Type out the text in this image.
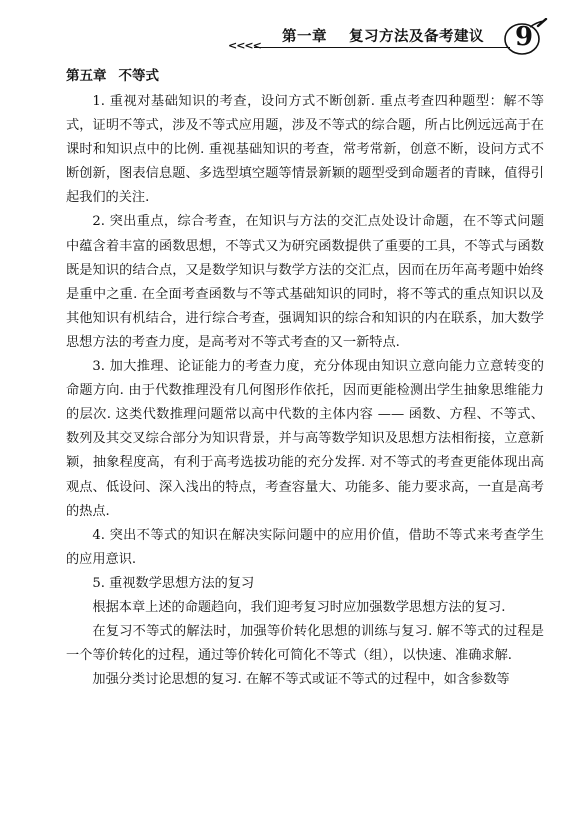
第一章 复习方法及备考建议
<<<<	9
第五章 不等式

1. 重视对基础知识的考查，设问方式不断创新. 重点考查四种题型：解不等式，证明不等式，涉及不等式应用题，涉及不等式的综合题，所占比例远远高于在课时和知识点中的比例. 重视基础知识的考查，常考常新，创意不断，设问方式不断创新，图表信息题、多选型填空题等情景新颖的题型受到命题者的青睐，值得引起我们的关注.

2. 突出重点，综合考查，在知识与方法的交汇点处设计命题，在不等式问题中蕴含着丰富的函数思想，不等式又为研究函数提供了重要的工具，不等式与函数既是知识的结合点，又是数学知识与数学方法的交汇点，因而在历年高考题中始终是重中之重. 在全面考查函数与不等式基础知识的同时，将不等式的重点知识以及其他知识有机结合，进行综合考查，强调知识的综合和知识的内在联系，加大数学思想方法的考查力度，是高考对不等式考查的又一新特点.

3. 加大推理、论证能力的考查力度，充分体现由知识立意向能力立意转变的命题方向. 由于代数推理没有几何图形作依托，因而更能检测出学生抽象思维能力的层次. 这类代数推理问题常以高中代数的主体内容 —— 函数、方程、不等式、数列及其交叉综合部分为知识背景，并与高等数学知识及思想方法相衔接，立意新颖，抽象程度高，有利于高考选拔功能的充分发挥. 对不等式的考查更能体现出高观点、低设问、深入浅出的特点，考查容量大、功能多、能力要求高，一直是高考的热点.

4. 突出不等式的知识在解决实际问题中的应用价值，借助不等式来考查学生的应用意识.

5. 重视数学思想方法的复习

根据本章上述的命题趋向，我们迎考复习时应加强数学思想方法的复习.

在复习不等式的解法时，加强等价转化思想的训练与复习. 解不等式的过程是一个等价转化的过程，通过等价转化可简化不等式（组），以快速、准确求解.

加强分类讨论思想的复习. 在解不等式或证不等式的过程中，如含参数等
